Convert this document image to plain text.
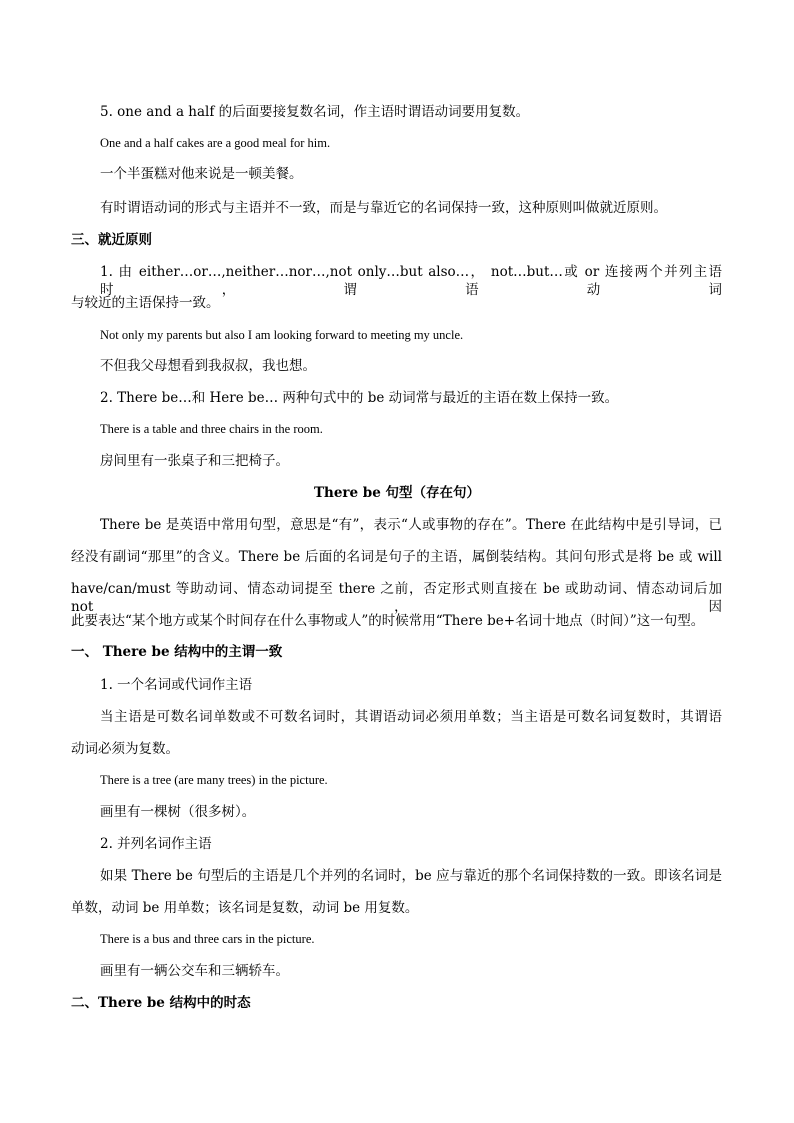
5. one and a half 的后面要接复数名词，作主语时谓语动词要用复数。
One and a half cakes are a good meal for him.
一个半蛋糕对他来说是一顿美餐。
有时谓语动词的形式与主语并不一致，而是与靠近它的名词保持一致，这种原则叫做就近原则。
三、就近原则
1. 由 either…or…,neither…nor…,not only…but also…， not…but…或 or 连接两个并列主语时，谓语动词
与较近的主语保持一致。
Not only my parents but also I am looking forward to meeting my uncle.
不但我父母想看到我叔叔，我也想。
2. There be…和 Here be… 两种句式中的 be 动词常与最近的主语在数上保持一致。
There is a table and three chairs in the room.
房间里有一张桌子和三把椅子。
There be 句型（存在句）
There be 是英语中常用句型，意思是“有”，表示“人或事物的存在”。There 在此结构中是引导词，已
经没有副词“那里”的含义。There be 后面的名词是句子的主语，属倒装结构。其问句形式是将 be 或 will
have/can/must 等助动词、情态动词提至 there 之前，否定形式则直接在 be 或助动词、情态动词后加 not，因
此要表达“某个地方或某个时间存在什么事物或人”的时候常用“There be+名词十地点（时间）”这一句型。
一、 There be 结构中的主谓一致
1. 一个名词或代词作主语
当主语是可数名词单数或不可数名词时，其谓语动词必须用单数；当主语是可数名词复数时，其谓语
动词必须为复数。
There is a tree (are many trees) in the picture.
画里有一棵树（很多树）。
2. 并列名词作主语
如果 There be 句型后的主语是几个并列的名词时，be 应与靠近的那个名词保持数的一致。即该名词是
单数，动词 be 用单数；该名词是复数，动词 be 用复数。
There is a bus and three cars in the picture.
画里有一辆公交车和三辆轿车。
二、There be 结构中的时态
